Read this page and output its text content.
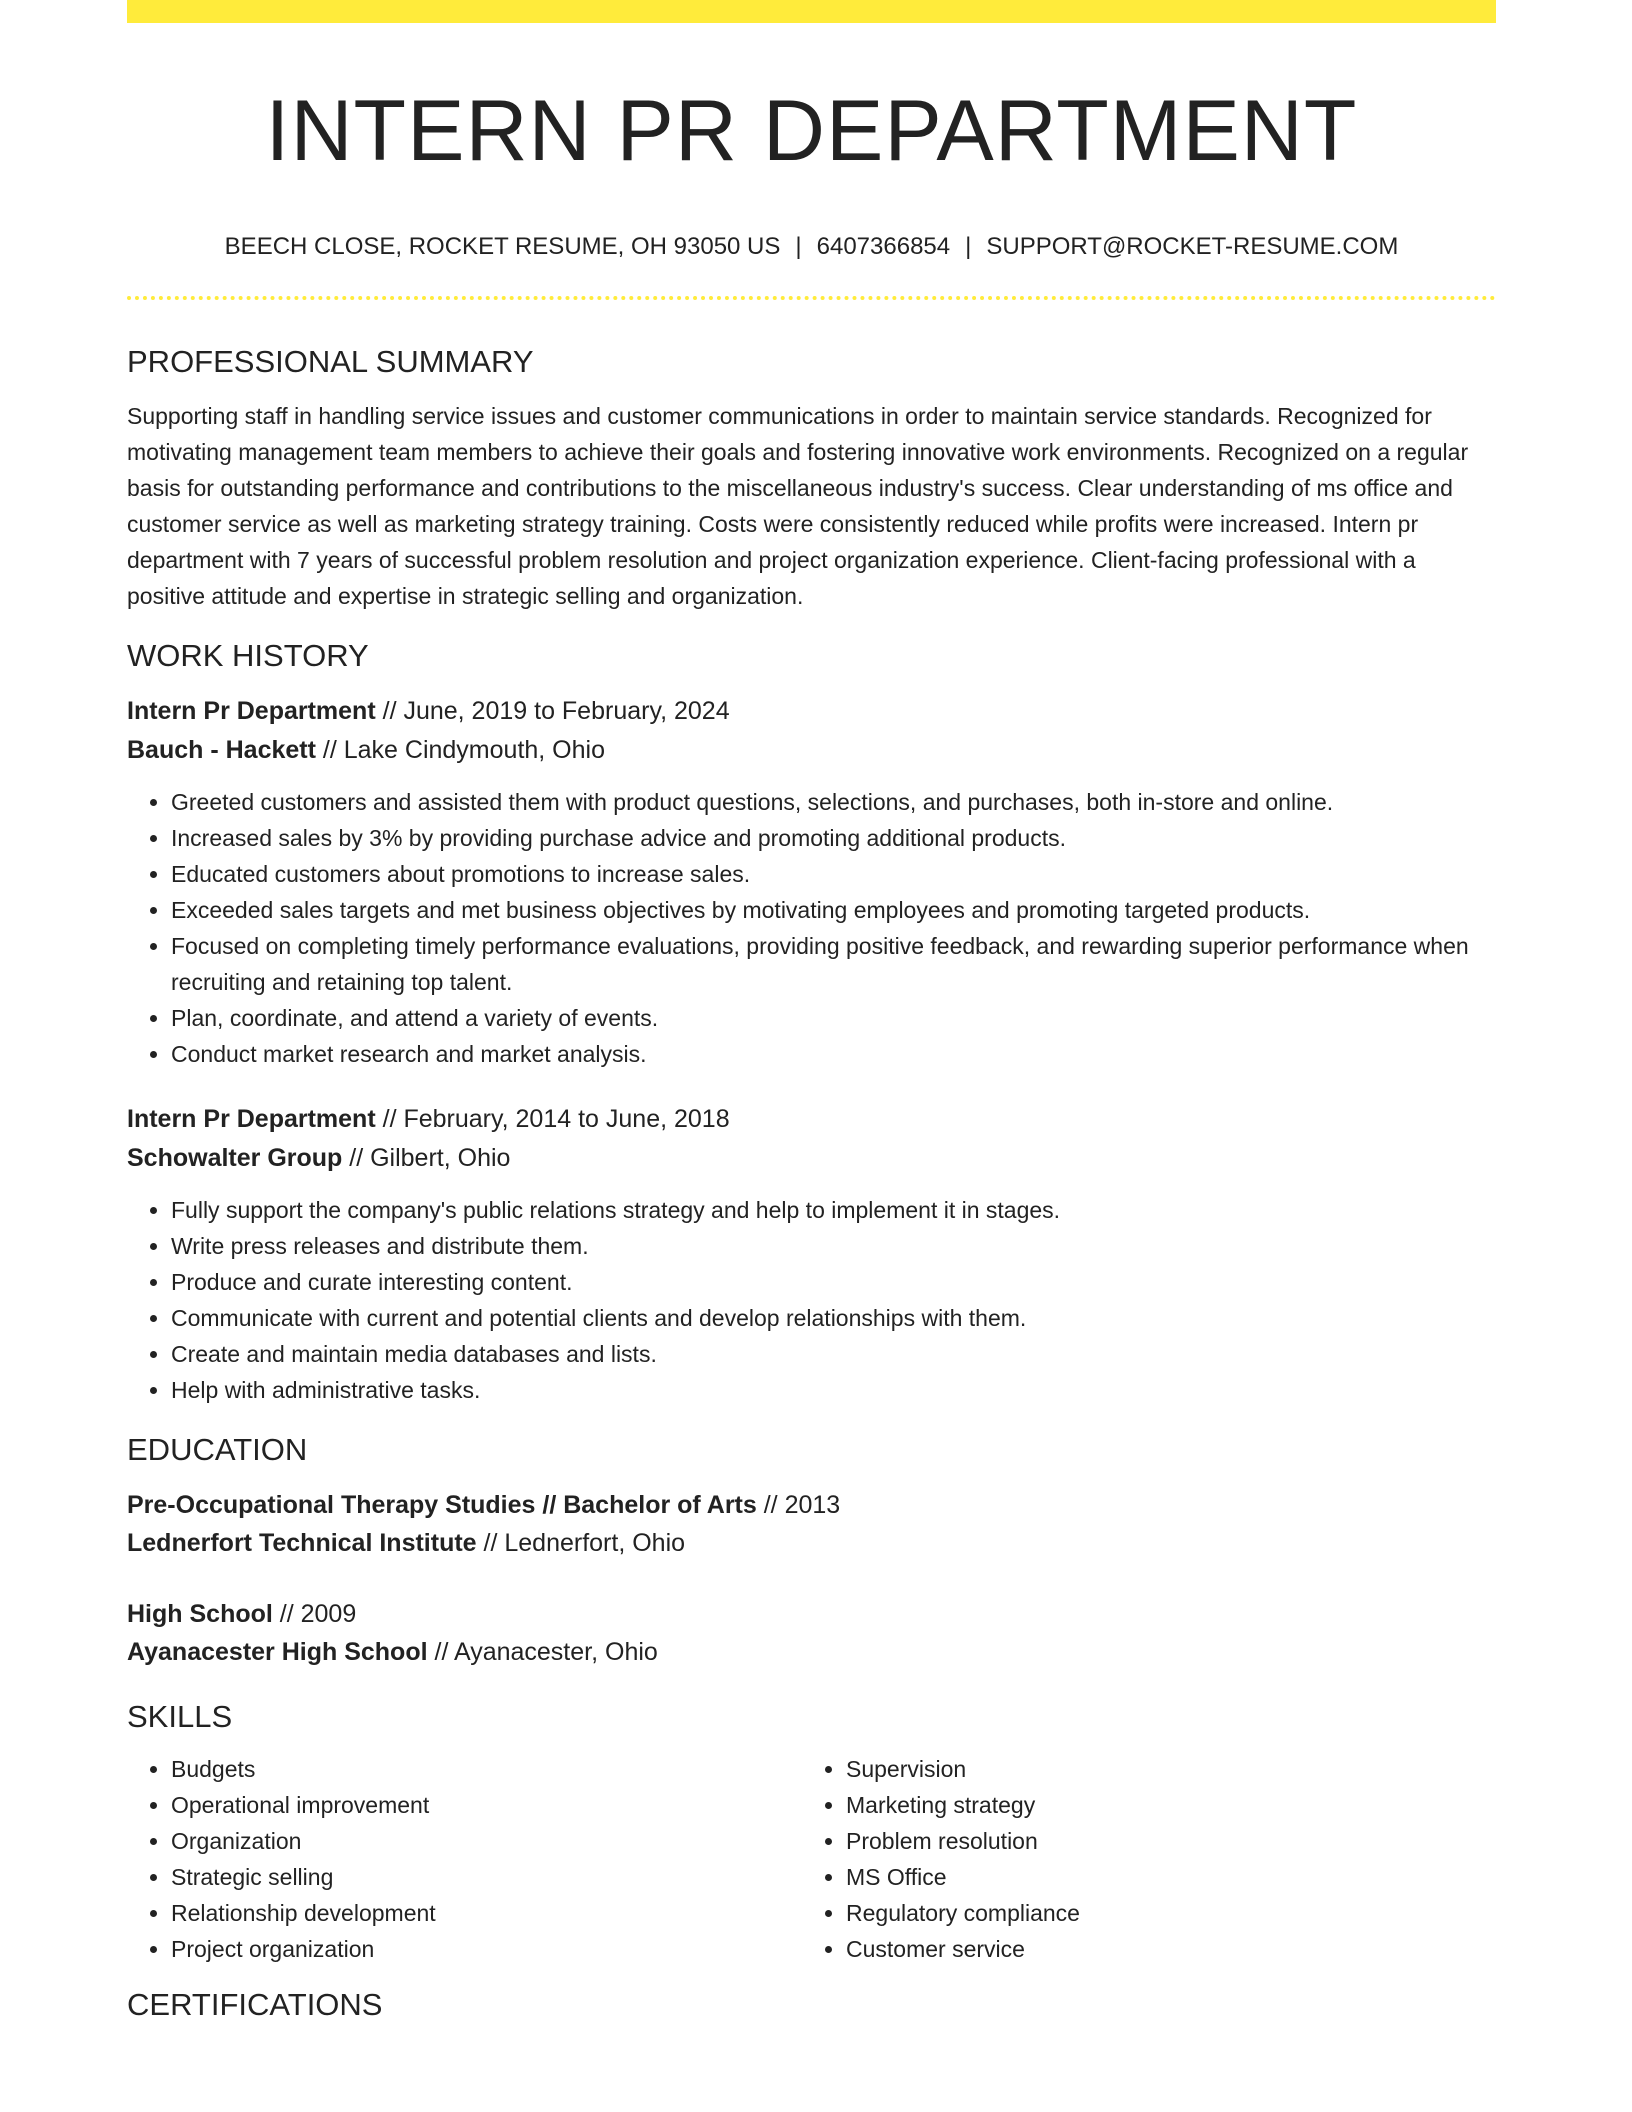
INTERN PR DEPARTMENT
BEECH CLOSE, ROCKET RESUME, OH 93050 US | 6407366854 | SUPPORT@ROCKET-RESUME.COM
PROFESSIONAL SUMMARY

Supporting staff in handling service issues and customer communications in order to maintain service standards. Recognized for motivating management team members to achieve their goals and fostering innovative work environments. Recognized on a regular basis for outstanding performance and contributions to the miscellaneous industry's success. Clear understanding of ms office and customer service as well as marketing strategy training. Costs were consistently reduced while profits were increased. Intern pr department with 7 years of successful problem resolution and project organization experience. Client-facing professional with a positive attitude and expertise in strategic selling and organization.

WORK HISTORY
Intern Pr Department // June, 2019 to February, 2024
Bauch - Hackett // Lake Cindymouth, Ohio
• Greeted customers and assisted them with product questions, selections, and purchases, both in-store and online.
• Increased sales by 3% by providing purchase advice and promoting additional products.
• Educated customers about promotions to increase sales.
• Exceeded sales targets and met business objectives by motivating employees and promoting targeted products.
• Focused on completing timely performance evaluations, providing positive feedback, and rewarding superior performance when recruiting and retaining top talent.
• Plan, coordinate, and attend a variety of events.
• Conduct market research and market analysis.
Intern Pr Department // February, 2014 to June, 2018
Schowalter Group // Gilbert, Ohio
• Fully support the company's public relations strategy and help to implement it in stages.
• Write press releases and distribute them.
• Produce and curate interesting content.
• Communicate with current and potential clients and develop relationships with them.
• Create and maintain media databases and lists.
• Help with administrative tasks.
EDUCATION
Pre-Occupational Therapy Studies // Bachelor of Arts // 2013
Lednerfort Technical Institute // Lednerfort, Ohio
High School // 2009
Ayanacester High School // Ayanacester, Ohio
SKILLS
• Budgets
• Operational improvement
• Organization
• Strategic selling
• Relationship development
• Project organization
• Supervision
• Marketing strategy
• Problem resolution
• MS Office
• Regulatory compliance
• Customer service
CERTIFICATIONS
